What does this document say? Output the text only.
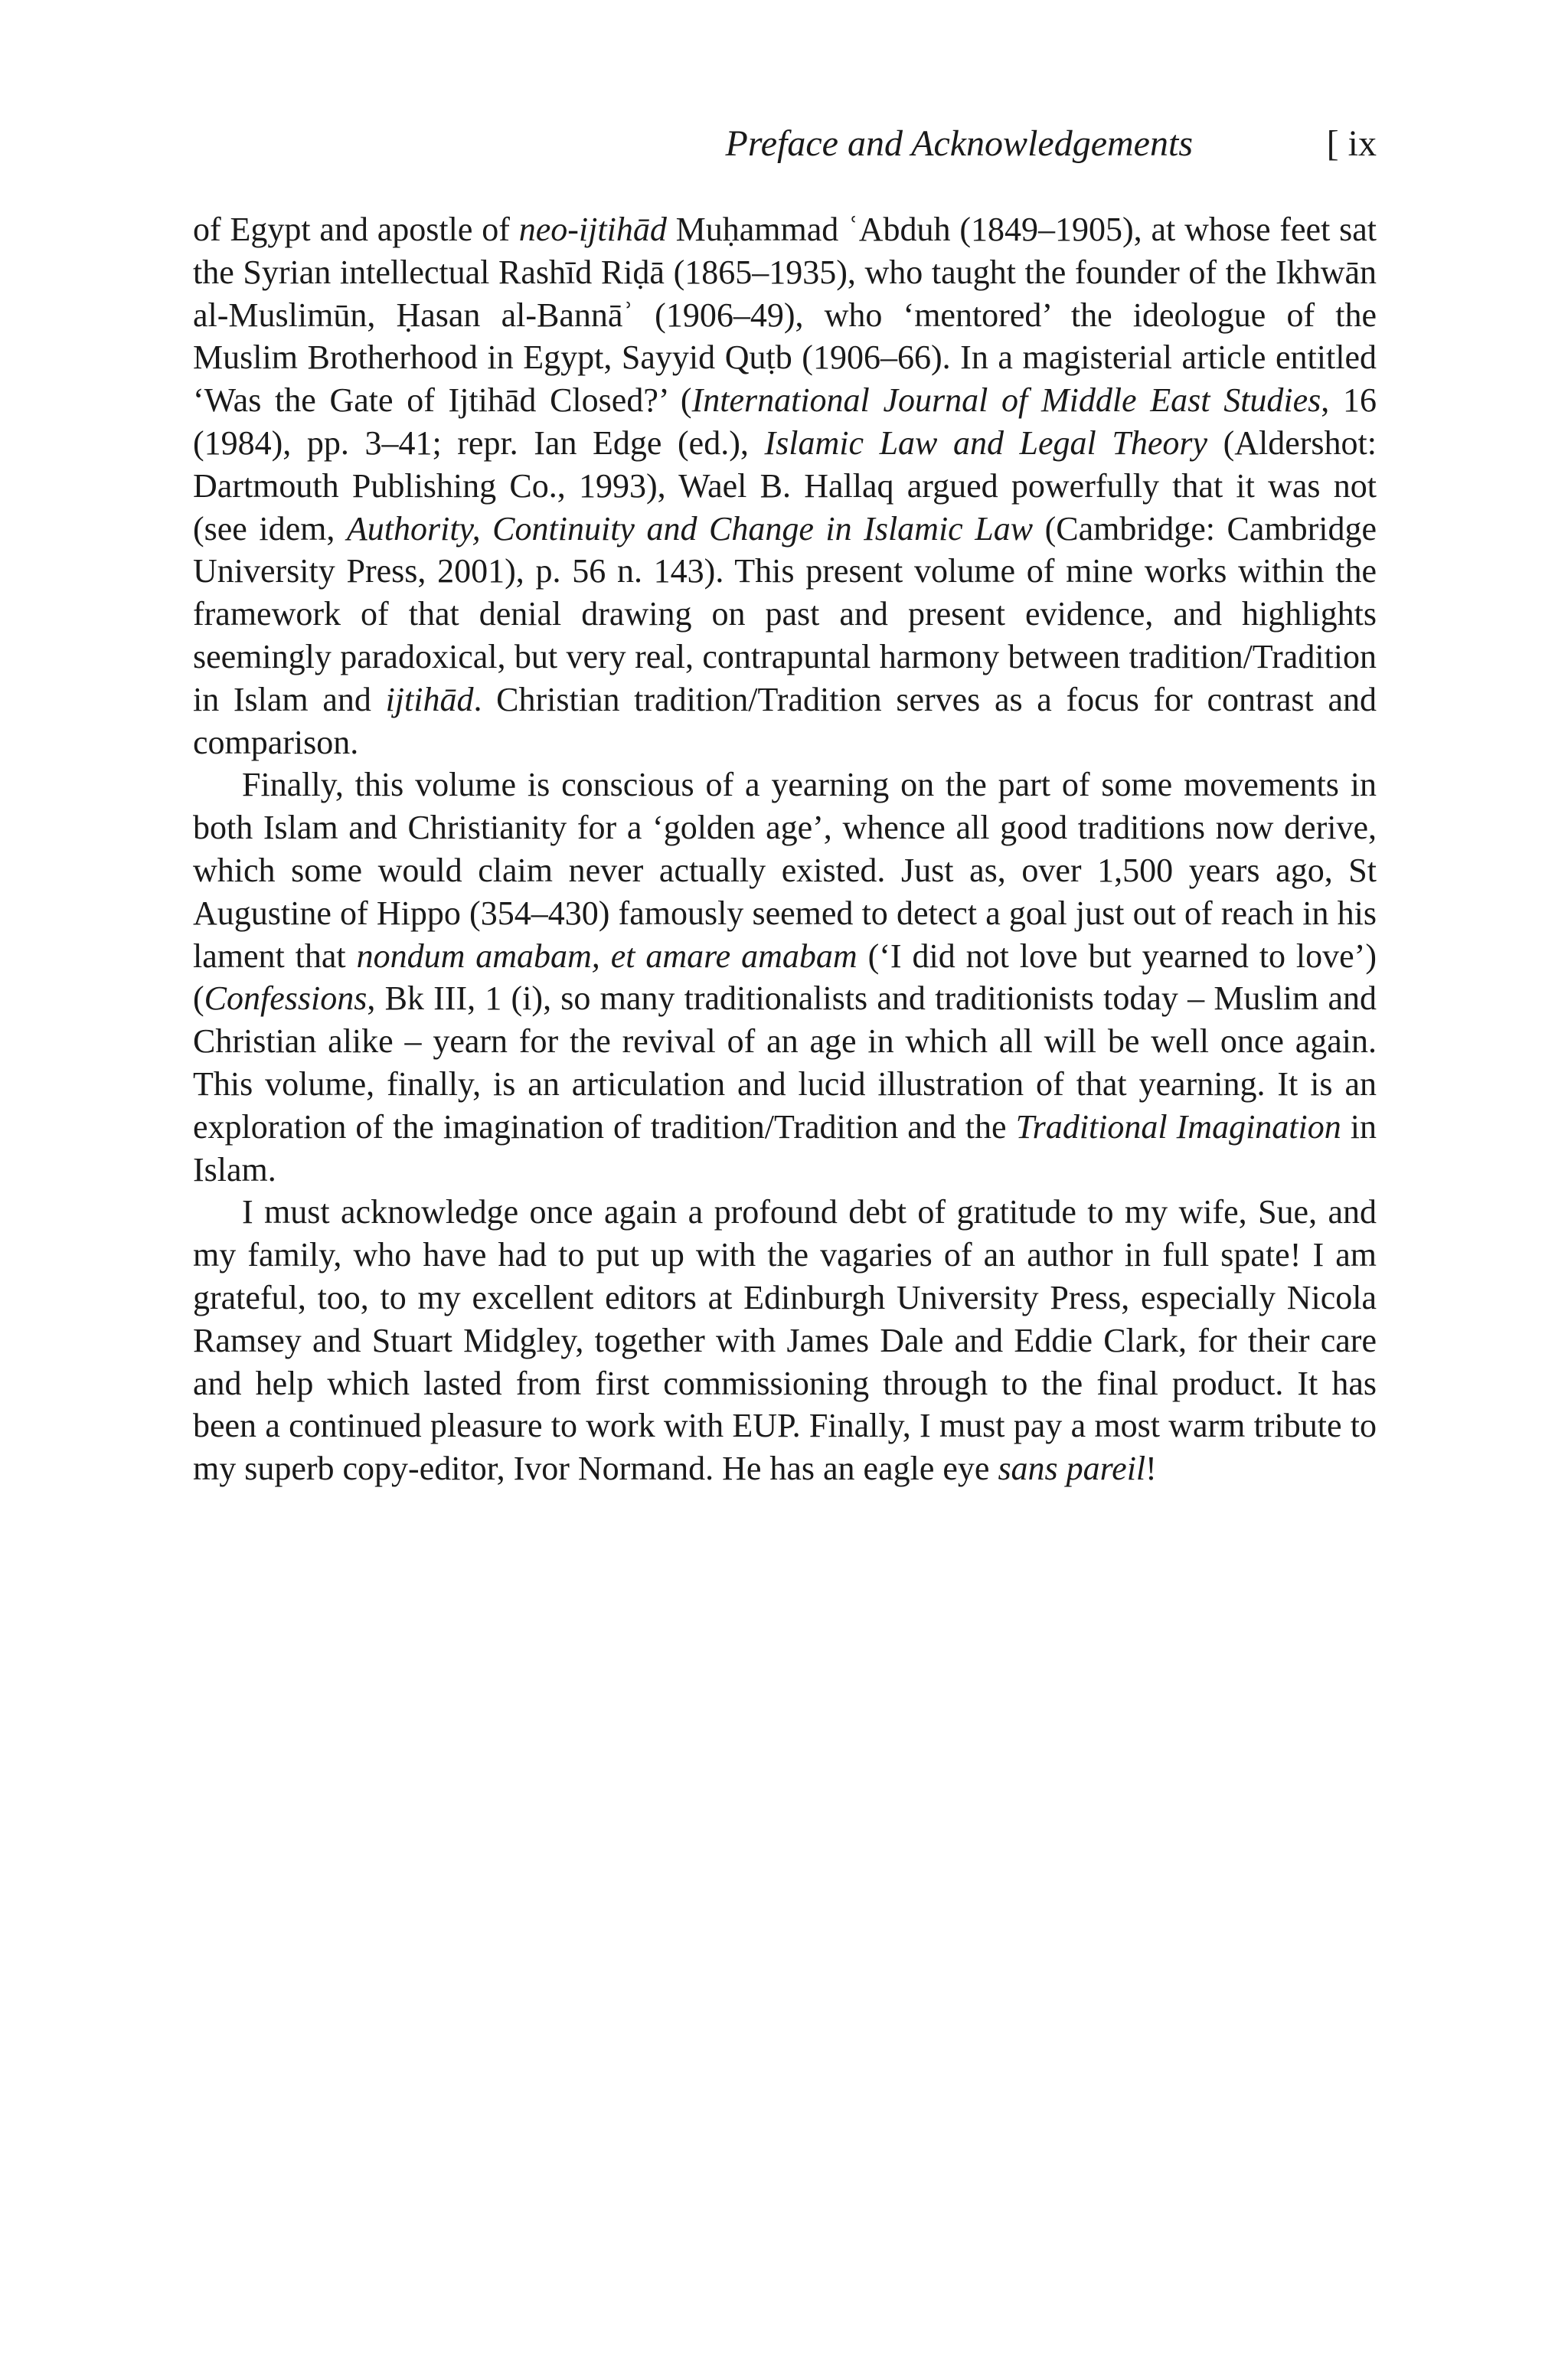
Preface and Acknowledgements	[ ix

of Egypt and apostle of neo-ijtihād Muḥammad ʿAbduh (1849–1905), at whose feet sat the Syrian intellectual Rashīd Riḍā (1865–1935), who taught the founder of the Ikhwān al-Muslimūn, Ḥasan al-Bannāʾ (1906–49), who ‘mentored’ the ideologue of the Muslim Brotherhood in Egypt, Sayyid Quṭb (1906–66). In a magisterial article entitled ‘Was the Gate of Ijtihād Closed?’ (International Journal of Middle East Studies, 16 (1984), pp. 3–41; repr. Ian Edge (ed.), Islamic Law and Legal Theory (Aldershot: Dartmouth Publishing Co., 1993), Wael B. Hallaq argued powerfully that it was not (see idem, Authority, Continuity and Change in Islamic Law (Cambridge: Cambridge University Press, 2001), p. 56 n. 143). This present volume of mine works within the framework of that denial drawing on past and present evidence, and highlights seemingly paradoxical, but very real, contrapuntal harmony between tradition/Tradition in Islam and ijtihād. Christian tradition/Tradition serves as a focus for contrast and comparison.

Finally, this volume is conscious of a yearning on the part of some movements in both Islam and Christianity for a ‘golden age’, whence all good traditions now derive, which some would claim never actually existed. Just as, over 1,500 years ago, St Augustine of Hippo (354–430) famously seemed to detect a goal just out of reach in his lament that nondum amabam, et amare amabam (‘I did not love but yearned to love’) (Confessions, Bk III, 1 (i), so many traditionalists and traditionists today – Muslim and Christian alike – yearn for the revival of an age in which all will be well once again. This volume, finally, is an articulation and lucid illustration of that yearning. It is an exploration of the imagination of tradition/Tradition and the Traditional Imagination in Islam.

I must acknowledge once again a profound debt of gratitude to my wife, Sue, and my family, who have had to put up with the vagaries of an author in full spate! I am grateful, too, to my excellent editors at Edinburgh University Press, especially Nicola Ramsey and Stuart Midgley, together with James Dale and Eddie Clark, for their care and help which lasted from first commissioning through to the final product. It has been a continued pleasure to work with EUP. Finally, I must pay a most warm tribute to my superb copy-editor, Ivor Normand. He has an eagle eye sans pareil!
